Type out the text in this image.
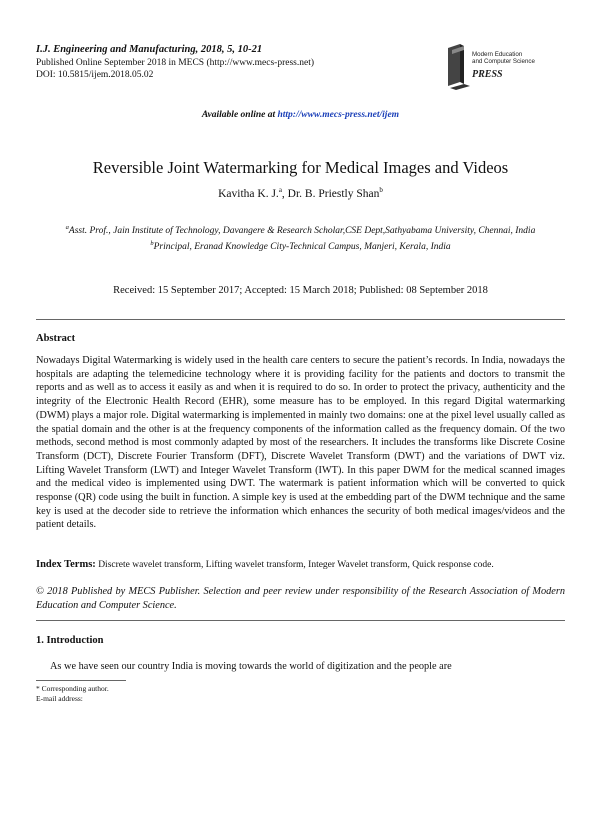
I.J. Engineering and Manufacturing, 2018, 5, 10-21
Published Online September 2018 in MECS (http://www.mecs-press.net)
DOI: 10.5815/ijem.2018.05.02
Modern Education
and Computer Science
PRESS
Available online at http://www.mecs-press.net/ijem
Reversible Joint Watermarking for Medical Images and Videos
Kavitha K. J.$^a$, Dr. B. Priestly Shan$^b$
$^a$Asst. Prof., Jain Institute of Technology, Davangere & Research Scholar,CSE Dept,Sathyabama University, Chennai, India
$^b$Principal, Eranad Knowledge City-Technical Campus, Manjeri, Kerala, India
Received: 15 September 2017; Accepted: 15 March 2018; Published: 08 September 2018
Abstract
Nowadays Digital Watermarking is widely used in the health care centers to secure the patient’s records. In India, nowadays the hospitals are adapting the telemedicine technology where it is providing facility for the patients and doctors to transmit the reports and as well as to access it easily as and when it is required to do so. In order to protect the privacy, authenticity and the integrity of the Electronic Health Record (EHR), some measure has to be employed. In this regard Digital watermarking (DWM) plays a major role. Digital watermarking is implemented in mainly two domains: one at the pixel level usually called as the spatial domain and the other is at the frequency components of the information called as the frequency domain. Of the two methods, second method is most commonly adapted by most of the researchers. It includes the transforms like Discrete Cosine Transform (DCT), Discrete Fourier Transform (DFT), Discrete Wavelet Transform (DWT) and the variations of DWT viz. Lifting Wavelet Transform (LWT) and Integer Wavelet Transform (IWT). In this paper DWM for the medical scanned images and the medical video is implemented using DWT. The watermark is patient information which will be converted to quick response (QR) code using the built in function. A simple key is used at the embedding part of the DWM technique and the same key is used at the decoder side to retrieve the information which enhances the security of both medical images/videos and the patient details.
Index Terms: Discrete wavelet transform, Lifting wavelet transform, Integer Wavelet transform, Quick response code.
© 2018 Published by MECS Publisher. Selection and peer review under responsibility of the Research Association of Modern Education and Computer Science.
1. Introduction
As we have seen our country India is moving towards the world of digitization and the people are
* Corresponding author.
E-mail address:
